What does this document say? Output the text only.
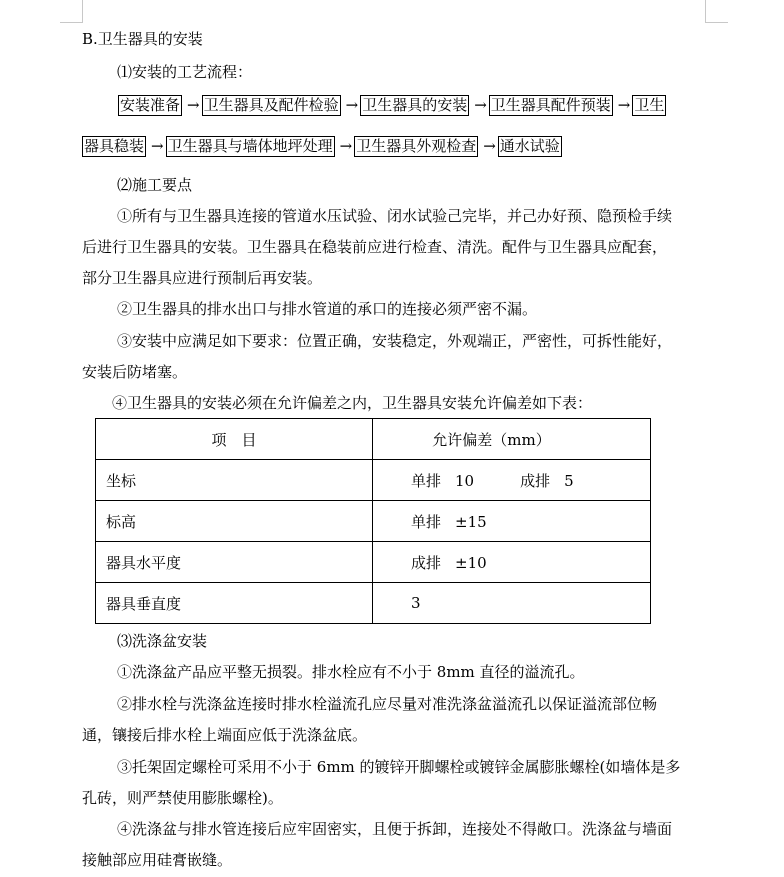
B.卫生器具的安装
⑴安装的工艺流程：
安装准备 → 卫生器具及配件检验 → 卫生器具的安装 → 卫生器具配件预装 → 卫生
器具稳装 → 卫生器具与墙体地坪处理 → 卫生器具外观检查 → 通水试验
⑵施工要点
①所有与卫生器具连接的管道水压试验、闭水试验己完毕，并己办好预、隐预检手续
后进行卫生器具的安装。卫生器具在稳装前应进行检查、清洗。配件与卫生器具应配套，
部分卫生器具应进行预制后再安装。
②卫生器具的排水出口与排水管道的承口的连接必须严密不漏。
③安装中应满足如下要求：位置正确，安装稳定，外观端正，严密性，可拆性能好，
安装后防堵塞。
④卫生器具的安装必须在允许偏差之内，卫生器具安装允许偏差如下表：
项　目	允许偏差（mm）
坐标	单排 10 成排 5
标高	单排 ±15
器具水平度	成排 ±10
器具垂直度	3
⑶洗涤盆安装
①洗涤盆产品应平整无损裂。排水栓应有不小于 8mm 直径的溢流孔。
②排水栓与洗涤盆连接时排水栓溢流孔应尽量对准洗涤盆溢流孔以保证溢流部位畅
通，镶接后排水栓上端面应低于洗涤盆底。
③托架固定螺栓可采用不小于 6mm 的镀锌开脚螺栓或镀锌金属膨胀螺栓(如墙体是多
孔砖，则严禁使用膨胀螺栓)。
④洗涤盆与排水管连接后应牢固密实，且便于拆卸，连接处不得敞口。洗涤盆与墙面
接触部应用硅膏嵌缝。
